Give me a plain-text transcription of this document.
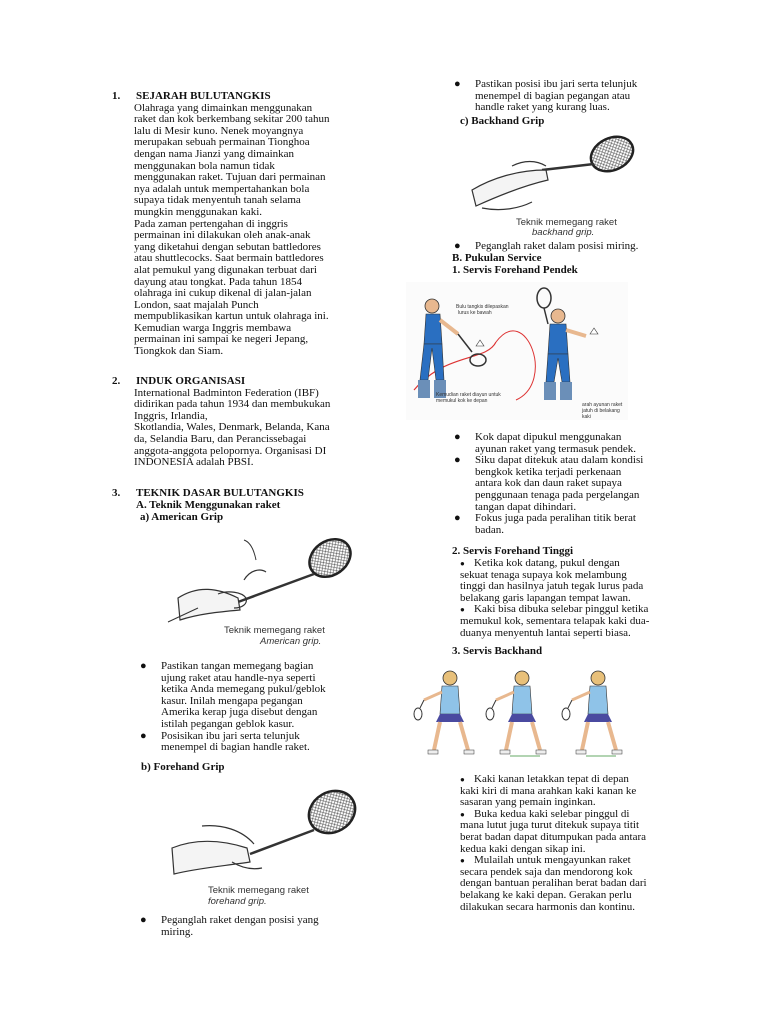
1. SEJARAH BULUTANGKIS
Olahraga yang dimainkan menggunakan
raket dan kok berkembang sekitar 200 tahun
lalu di Mesir kuno. Nenek moyangnya
merupakan sebuah permainan Tionghoa
dengan nama Jianzi yang dimainkan
menggunakan bola namun tidak
menggunakan raket. Tujuan dari permainan
nya adalah untuk mempertahankan bola
supaya tidak menyentuh tanah selama
mungkin menggunakan kaki.
Pada zaman pertengahan di inggris
permainan ini dilakukan oleh anak-anak
yang diketahui dengan sebutan battledores
atau shuttlecocks. Saat bermain battledores
alat pemukul yang digunakan terbuat dari
dayung atau tongkat. Pada tahun 1854
olahraga ini cukup dikenal di jalan-jalan
London, saat majalah Punch
mempublikasikan kartun untuk olahraga ini.
Kemudian warga Inggris membawa
permainan ini sampai ke negeri Jepang,
Tiongkok dan Siam.
2. INDUK ORGANISASI
International Badminton Federation (IBF)
didirikan pada tahun 1934 dan membukukan
Inggris, Irlandia,
Skotlandia, Wales, Denmark, Belanda, Kana
da, Selandia Baru, dan Perancissebagai
anggota-anggota pelopornya. Organisasi DI
INDONESIA adalah PBSI.
3. TEKNIK DASAR BULUTANGKIS
A. Teknik Menggunakan raket
a) American Grip
Teknik memegang raket
American grip.
● Pastikan tangan memegang bagian
ujung raket atau handle-nya seperti
ketika Anda memegang pukul/geblok
kasur. Inilah mengapa pegangan
Amerika kerap juga disebut dengan
istilah pegangan geblok kasur.
● Posisikan ibu jari serta telunjuk
menempel di bagian handle raket.
b) Forehand Grip
Teknik memegang raket
forehand grip.
● Peganglah raket dengan posisi yang
miring.
● Pastikan posisi ibu jari serta telunjuk
menempel di bagian pegangan atau
handle raket yang kurang luas.
c) Backhand Grip
Teknik memegang raket
backhand grip.
● Peganglah raket dalam posisi miring.
B. Pukulan Service
1. Servis Forehand Pendek
Bulu tangkis dilepaskan
lurus ke bawah
Kemudian raket diayun untuk
memukul kok ke depan
arah ayunan raket
jatuh di belakang kaki
● Kok dapat dipukul menggunakan
ayunan raket yang termasuk pendek.
● Siku dapat ditekuk atau dalam kondisi
bengkok ketika terjadi perkenaan
antara kok dan daun raket supaya
penggunaan tenaga pada pergelangan
tangan dapat dihindari.
● Fokus juga pada peralihan titik berat
badan.
2. Servis Forehand Tinggi
Ketika kok datang, pukul dengan
●
sekuat tenaga supaya kok melambung
tinggi dan hasilnya jatuh tegak lurus pada
belakang garis lapangan tempat lawan.
Kaki bisa dibuka selebar pinggul ketika
●
memukul kok, sementara telapak kaki dua-
duanya menyentuh lantai seperti biasa.
3. Servis Backhand
Kaki kanan letakkan tepat di depan
●
kaki kiri di mana arahkan kaki kanan ke
sasaran yang pemain inginkan.
Buka kedua kaki selebar pinggul di
●
mana lutut juga turut ditekuk supaya titit
berat badan dapat ditumpukan pada antara
kedua kaki dengan sikap ini.
Mulailah untuk mengayunkan raket
●
secara pendek saja dan mendorong kok
dengan bantuan peralihan berat badan dari
belakang ke kaki depan. Gerakan perlu
dilakukan secara harmonis dan kontinu.
